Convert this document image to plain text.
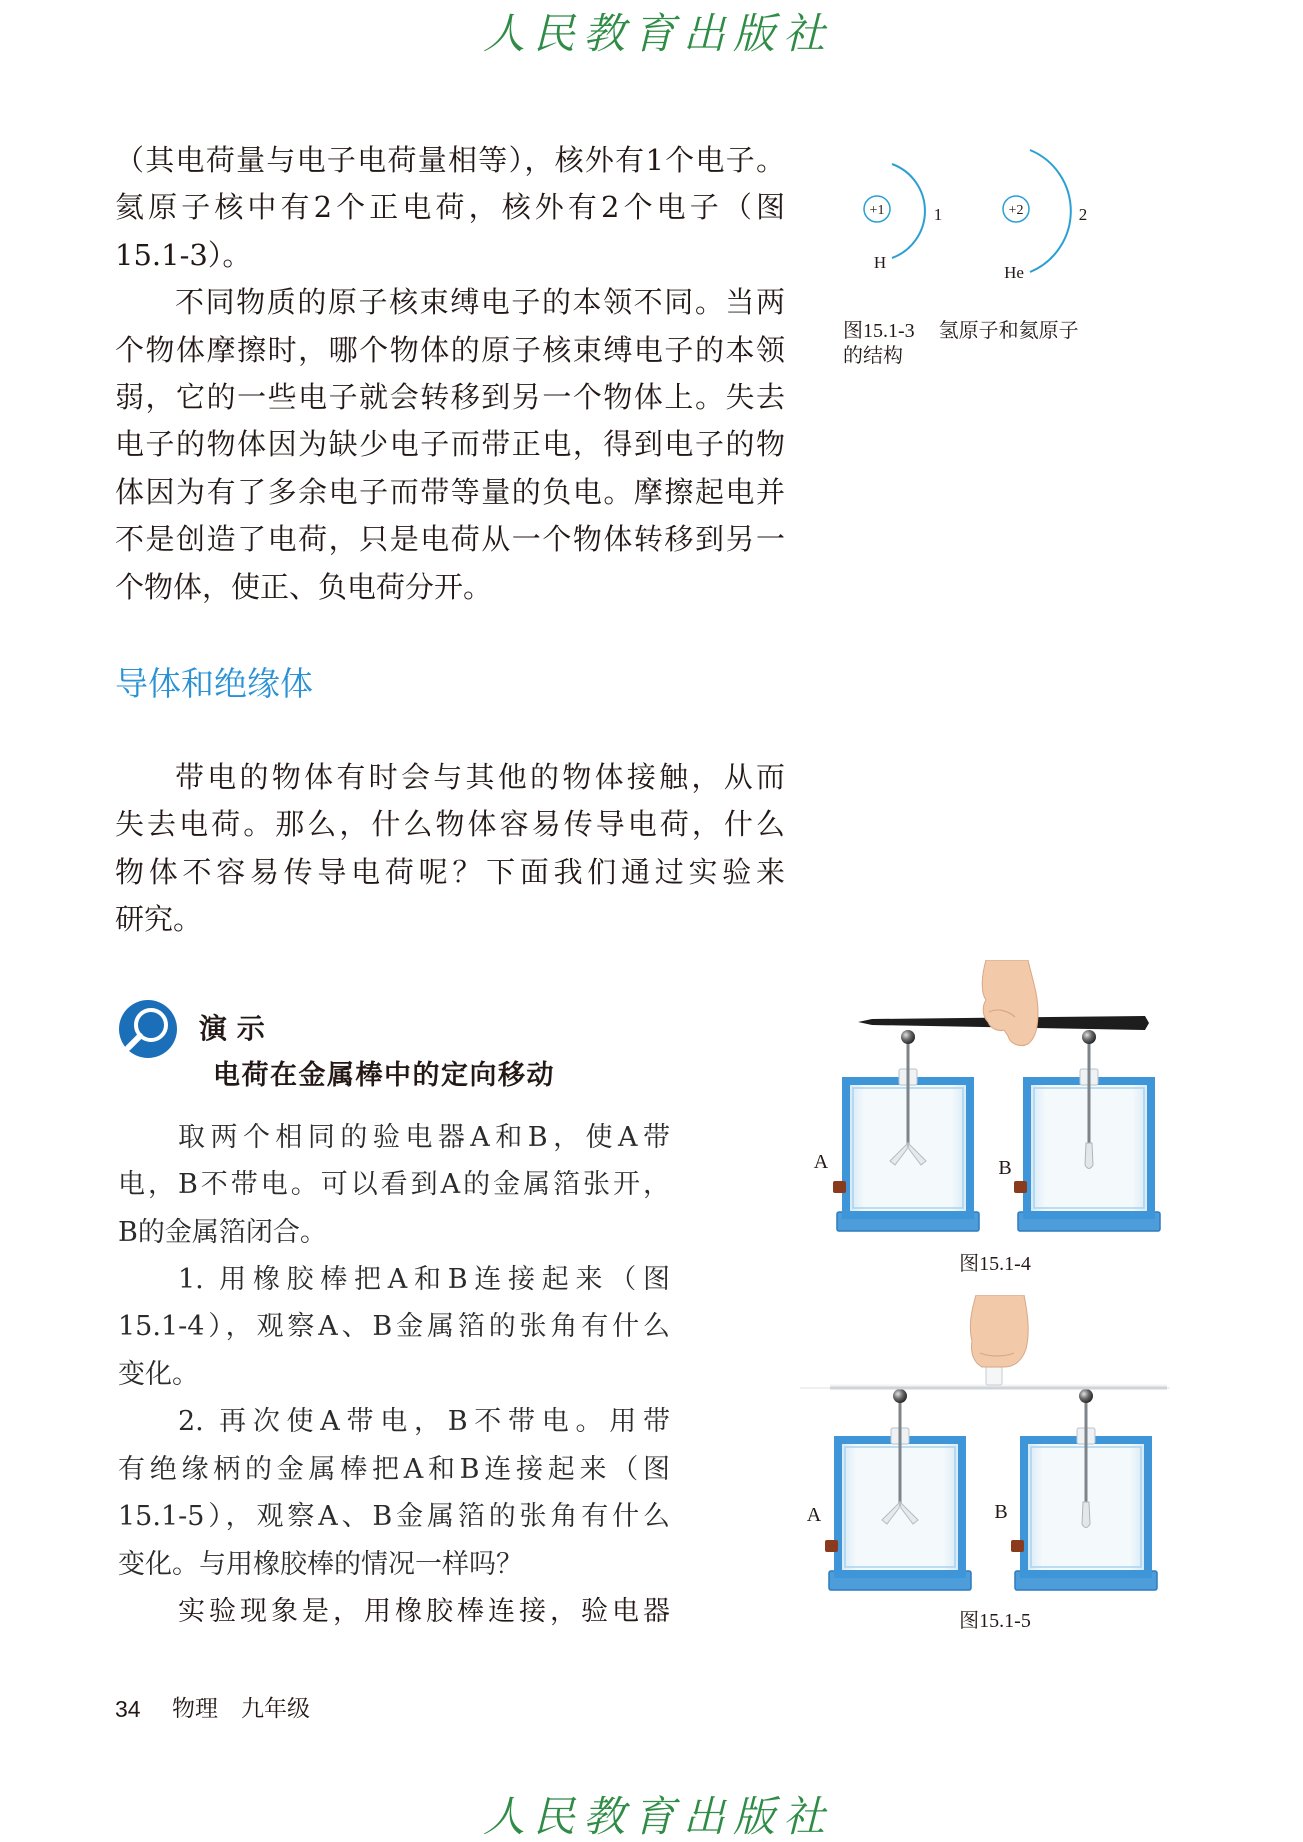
人民教育出版社
（其电荷量与电子电荷量相等），核外有1个电子。
氦原子核中有2个正电荷，核外有2个电子（图
15.1-3）。
不同物质的原子核束缚电子的本领不同。当两
个物体摩擦时，哪个物体的原子核束缚电子的本领
弱，它的一些电子就会转移到另一个物体上。失去
电子的物体因为缺少电子而带正电，得到电子的物
体因为有了多余电子而带等量的负电。摩擦起电并
不是创造了电荷，只是电荷从一个物体转移到另一
个物体，使正、负电荷分开。
导体和绝缘体
带电的物体有时会与其他的物体接触，从而
失去电荷。那么，什么物体容易传导电荷，什么
物体不容易传导电荷呢？下面我们通过实验来
研究。
演 示
电荷在金属棒中的定向移动
取两个相同的验电器A和B，使A带
电，B不带电。可以看到A的金属箔张开，
B的金属箔闭合。
1. 用橡胶棒把A和B连接起来（图
15.1-4），观察A、B金属箔的张角有什么
变化。
2. 再次使A带电，B不带电。用带
有绝缘柄的金属棒把A和B连接起来（图
15.1-5），观察A、B金属箔的张角有什么
变化。与用橡胶棒的情况一样吗？
实验现象是，用橡胶棒连接，验电器
+1	1
H
+2	2
He
图15.1-3 氢原子和氦原子
的结构
A	B
图15.1-4
A	B
图15.1-5
34 物理 九年级
人民教育出版社
